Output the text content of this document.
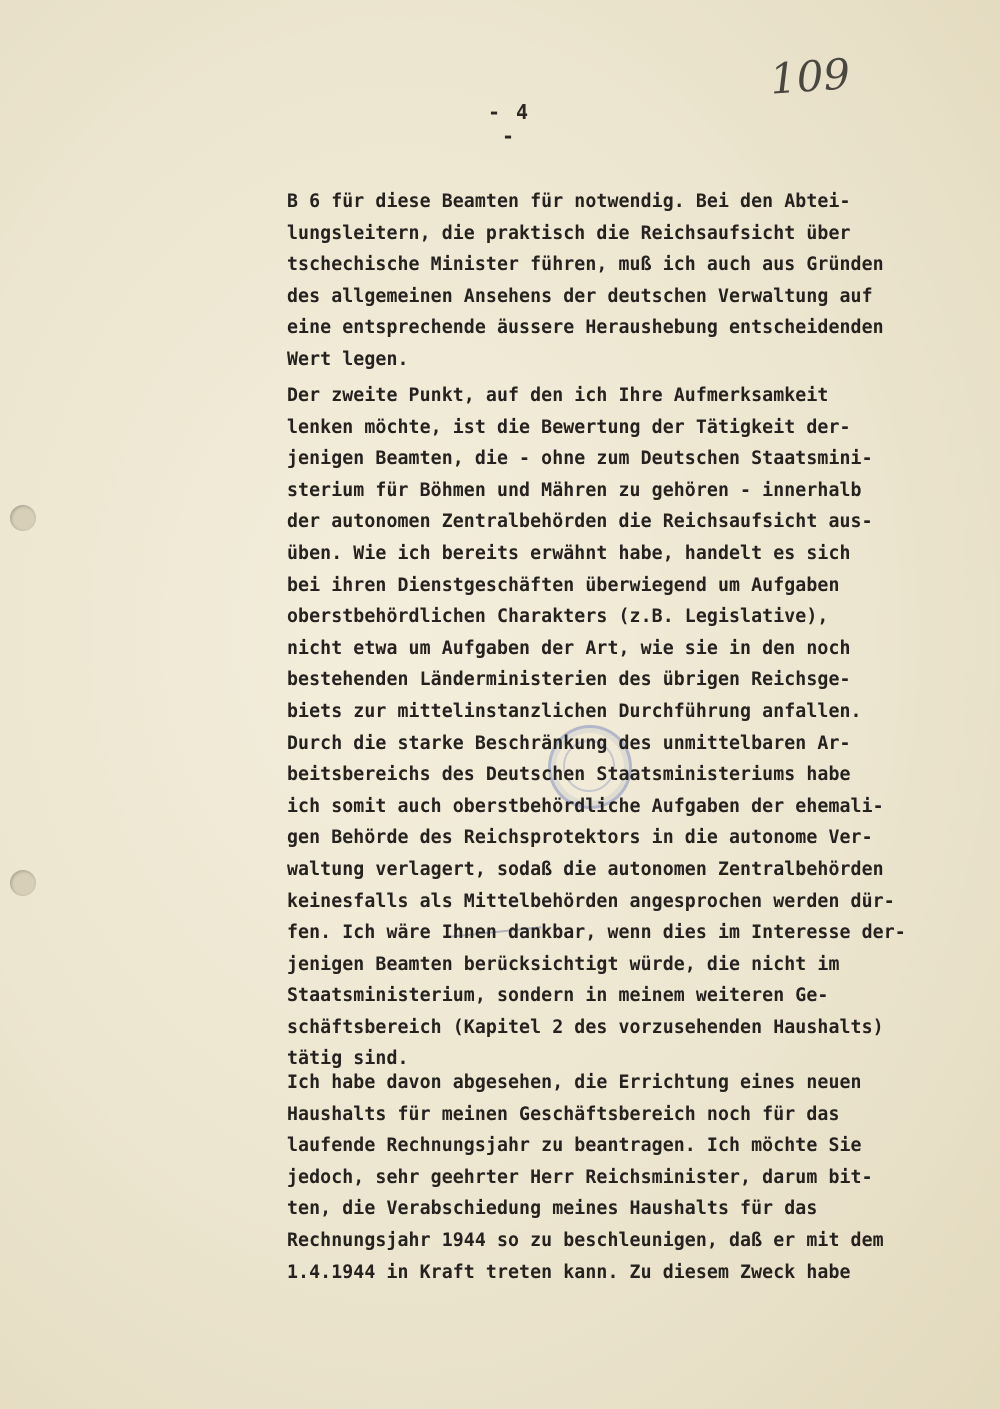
109
- 4 -
B 6 für diese Beamten für notwendig. Bei den Abtei-
lungsleitern, die praktisch die Reichsaufsicht über
tschechische Minister führen, muß ich auch aus Gründen
des allgemeinen Ansehens der deutschen Verwaltung auf
eine entsprechende äussere Heraushebung entscheidenden
Wert legen.
Der zweite Punkt, auf den ich Ihre Aufmerksamkeit
lenken möchte, ist die Bewertung der Tätigkeit der-
jenigen Beamten, die - ohne zum Deutschen Staatsmini-
sterium für Böhmen und Mähren zu gehören - innerhalb
der autonomen Zentralbehörden die Reichsaufsicht aus-
üben. Wie ich bereits erwähnt habe, handelt es sich
bei ihren Dienstgeschäften überwiegend um Aufgaben
oberstbehördlichen Charakters (z.B. Legislative),
nicht etwa um Aufgaben der Art, wie sie in den noch
bestehenden Länderministerien des übrigen Reichsge-
biets zur mittelinstanzlichen Durchführung anfallen.
Durch die starke Beschränkung des unmittelbaren Ar-
beitsbereichs des Deutschen Staatsministeriums habe
ich somit auch oberstbehördliche Aufgaben der ehemali-
gen Behörde des Reichsprotektors in die autonome Ver-
waltung verlagert, sodaß die autonomen Zentralbehörden
keinesfalls als Mittelbehörden angesprochen werden dür-
fen. Ich wäre Ihnen dankbar, wenn dies im Interesse der-
jenigen Beamten berücksichtigt würde, die nicht im
Staatsministerium, sondern in meinem weiteren Ge-
schäftsbereich (Kapitel 2 des vorzusehenden Haushalts)
tätig sind.
Ich habe davon abgesehen, die Errichtung eines neuen
Haushalts für meinen Geschäftsbereich noch für das
laufende Rechnungsjahr zu beantragen. Ich möchte Sie
jedoch, sehr geehrter Herr Reichsminister, darum bit-
ten, die Verabschiedung meines Haushalts für das
Rechnungsjahr 1944 so zu beschleunigen, daß er mit dem
1.4.1944 in Kraft treten kann. Zu diesem Zweck habe
